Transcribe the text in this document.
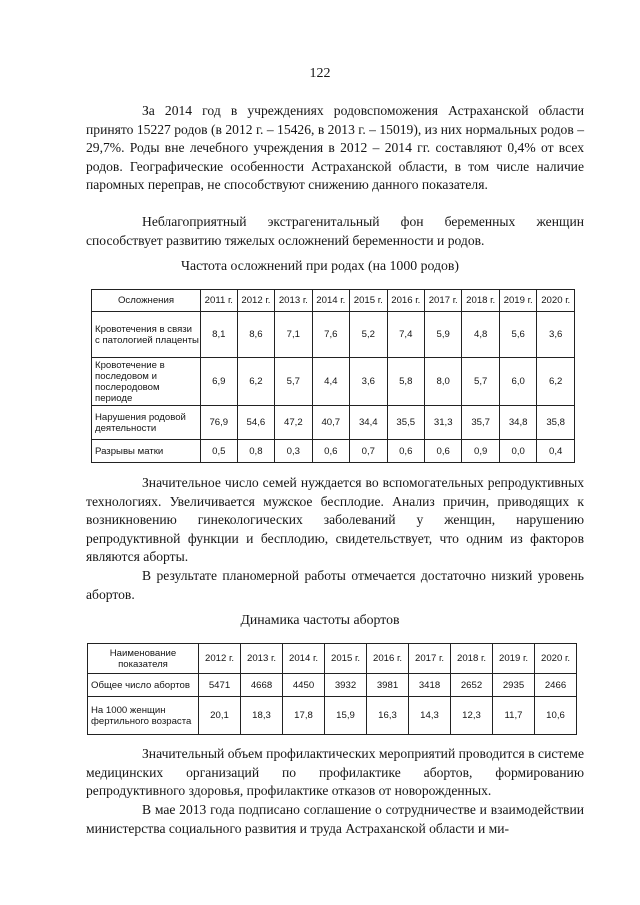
122

За 2014 год в учреждениях родовспоможения Астраханской области принято 15227 родов (в 2012 г. – 15426, в 2013 г. – 15019), из них нормальных родов – 29,7%. Роды вне лечебного учреждения в 2012 – 2014 гг. составляют 0,4% от всех родов. Географические особенности Астраханской области, в том числе наличие паромных переправ, не способствуют снижению данного показателя.

Неблагоприятный экстрагенитальный фон беременных женщин способствует развитию тяжелых осложнений беременности и родов.

Частота осложнений при родах (на 1000 родов)
Осложнения	2011 г.	2012 г.	2013 г.	2014 г.	2015 г.	2016 г.	2017 г.	2018 г.	2019 г.	2020 г.
Кровотечения в связи с патологией плаценты	8,1	8,6	7,1	7,6	5,2	7,4	5,9	4,8	5,6	3,6
Кровотечение в последовом и послеродовом периоде	6,9	6,2	5,7	4,4	3,6	5,8	8,0	5,7	6,0	6,2
Нарушения родовой деятельности	76,9	54,6	47,2	40,7	34,4	35,5	31,3	35,7	34,8	35,8
Разрывы матки	0,5	0,8	0,3	0,6	0,7	0,6	0,6	0,9	0,0	0,4

Значительное число семей нуждается во вспомогательных репродуктивных технологиях. Увеличивается мужское бесплодие. Анализ причин, приводящих к возникновению гинекологических заболеваний у женщин, нарушению репродуктивной функции и бесплодию, свидетельствует, что одним из факторов являются аборты.

В результате планомерной работы отмечается достаточно низкий уровень абортов.

Динамика частоты абортов
Наименование показателя	2012 г.	2013 г.	2014 г.	2015 г.	2016 г.	2017 г.	2018 г.	2019 г.	2020 г.
Общее число абортов	5471	4668	4450	3932	3981	3418	2652	2935	2466
На 1000 женщин фертильного возраста	20,1	18,3	17,8	15,9	16,3	14,3	12,3	11,7	10,6

Значительный объем профилактических мероприятий проводится в системе медицинских организаций по профилактике абортов, формированию репродуктивного здоровья, профилактике отказов от новорожденных.

В мае 2013 года подписано соглашение о сотрудничестве и взаимодействии министерства социального развития и труда Астраханской области и ми-
